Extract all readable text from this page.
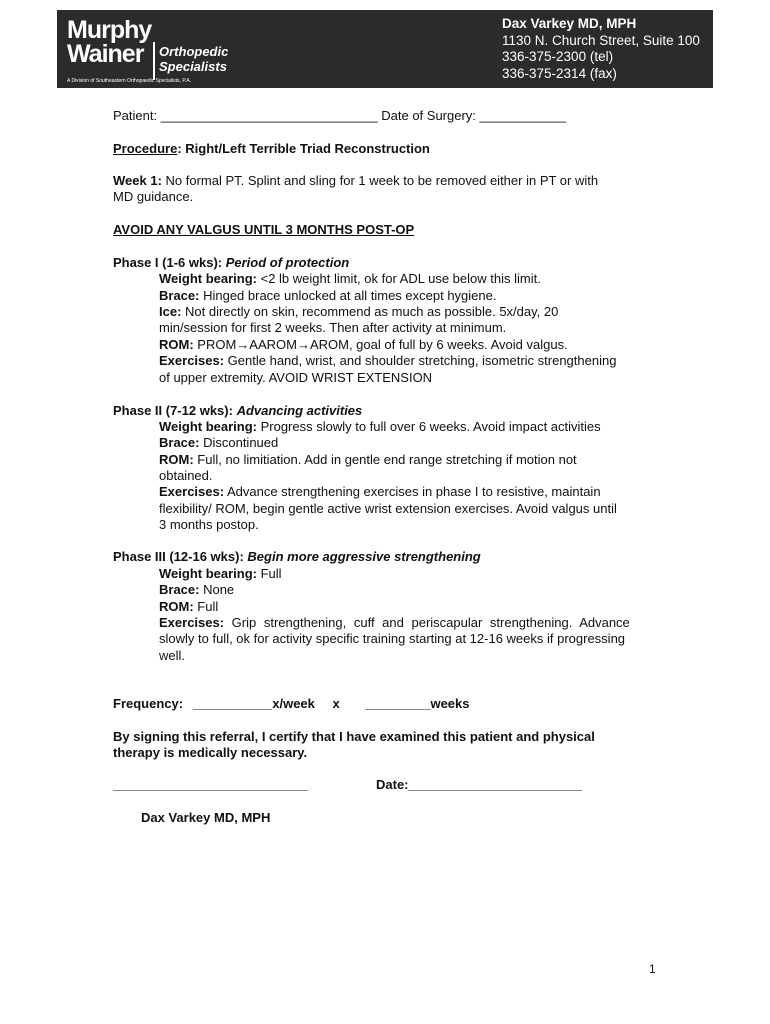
Murphy
Wainer Orthopedic
Specialists
A Division of Southeastern Orthopaedic Specialists, P.A.
Dax Varkey MD, MPH
1130 N. Church Street, Suite 100
336-375-2300 (tel)
336-375-2314 (fax)
Patient: ______________________________ Date of Surgery: ____________
Procedure: Right/Left Terrible Triad Reconstruction
Week 1: No formal PT. Splint and sling for 1 week to be removed either in PT or with
MD guidance.
AVOID ANY VALGUS UNTIL 3 MONTHS POST-OP
Phase I (1-6 wks): Period of protection
Weight bearing: <2 lb weight limit, ok for ADL use below this limit.
Brace: Hinged brace unlocked at all times except hygiene.
Ice: Not directly on skin, recommend as much as possible. 5x/day, 20
min/session for first 2 weeks. Then after activity at minimum.
ROM: PROM→AAROM→AROM, goal of full by 6 weeks. Avoid valgus.
Exercises: Gentle hand, wrist, and shoulder stretching, isometric strengthening
of upper extremity. AVOID WRIST EXTENSION
Phase II (7-12 wks): Advancing activities
Weight bearing: Progress slowly to full over 6 weeks. Avoid impact activities
Brace: Discontinued
ROM: Full, no limitiation. Add in gentle end range stretching if motion not
obtained.
Exercises: Advance strengthening exercises in phase I to resistive, maintain
flexibility/ ROM, begin gentle active wrist extension exercises. Avoid valgus until
3 months postop.
Phase III (12-16 wks): Begin more aggressive strengthening
Weight bearing: Full
Brace: None
ROM: Full
Exercises: Grip strengthening, cuff and periscapular strengthening. Advance
slowly to full, ok for activity specific training starting at 12-16 weeks if progressing
well.
Frequency: ___________x/week x _________weeks
By signing this referral, I certify that I have examined this patient and physical
therapy is medically necessary.
___________________________	Date:________________________
Dax Varkey MD, MPH
1
